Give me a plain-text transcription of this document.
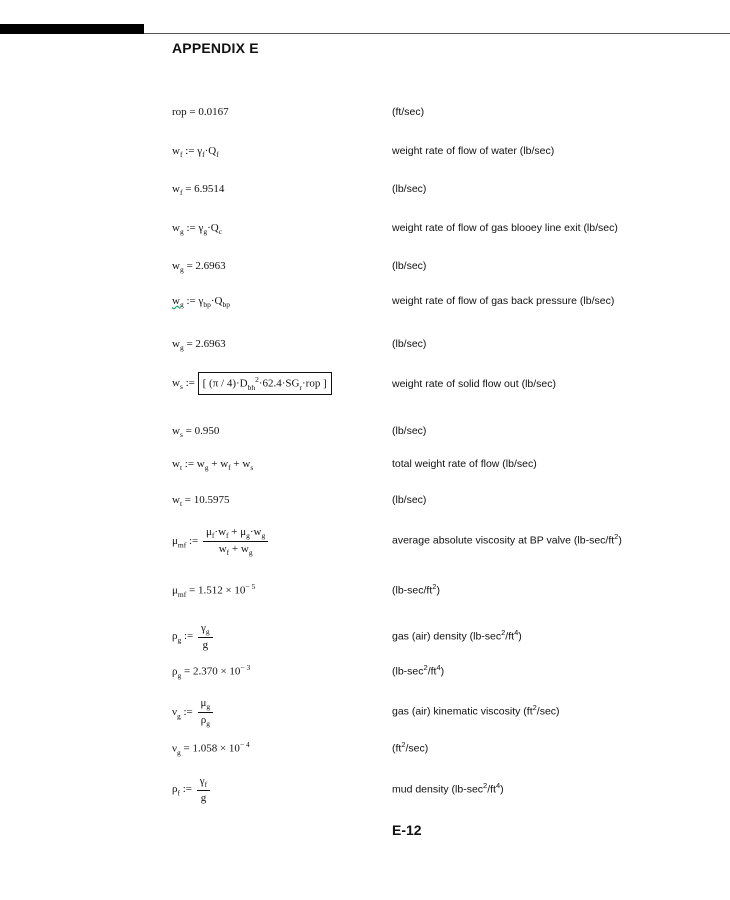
APPENDIX E
rop = 0.0167	(ft/sec)
$w_f$ := $\gamma_f\cdot Q_f$	weight rate of flow of water (lb/sec)
$w_f = 6.9514$	(lb/sec)
$w_g$ := $\gamma_g\cdot Q_c$	weight rate of flow of gas blooey line exit (lb/sec)
$w_g = 2.6963$	(lb/sec)
$w_g$ := $\gamma_{bp}\cdot Q_{bp}$	weight rate of flow of gas back pressure (lb/sec)
$w_g = 2.6963$	(lb/sec)
$w_s$ := [ $(\pi / 4)\cdot D_{bh}^2\cdot 62.4\cdot SG_r\cdot rop$ ]	weight rate of solid flow out (lb/sec)
$w_s = 0.950$	(lb/sec)
$w_t$ := $w_g + w_f + w_s$	total weight rate of flow (lb/sec)
$w_t = 10.5975$	(lb/sec)
$\mu_{mf}$ := $\frac{\mu_f\cdot w_f + \mu_g\cdot w_g}{w_f + w_g}$	average absolute viscosity at BP valve $(lb-\sec/ft^2)$
$\mu_{mf} = 1.512 \times 10^{- 5}$	$(lb-\sec/ft^2)$
$\rho_g$ := $\frac{\gamma_g}{g}$	gas (air) density $(lb-\sec^2/ft^4)$
$\rho_g = 2.370 \times 10^{- 3}$	$(lb-\sec^2/ft^4)$
$\nu_g$ := $\frac{\mu_g}{\rho_g}$	gas (air) kinematic viscosity $(ft^2/\sec)$
$\nu_g = 1.058 \times 10^{- 4}$	$(ft^2/\sec)$
$\rho_f$ := $\frac{\gamma_f}{g}$	mud density $(lb-\sec^2/ft^4)$
E-12
